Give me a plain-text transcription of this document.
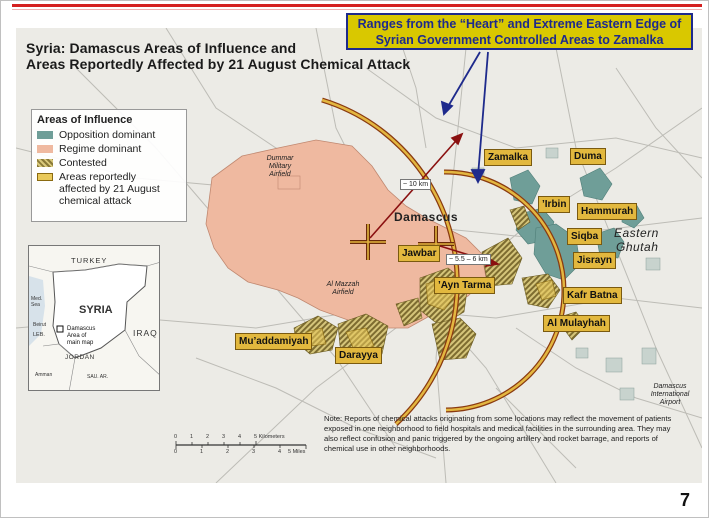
Syria: Damascus Areas of Influence and
Areas Reportedly Affected by 21 August Chemical Attack
Ranges from the “Heart” and Extreme Eastern Edge of
Syrian Government Controlled Areas to Zamalka
Areas of Influence
Opposition dominant
Regime dominant
Contested
Areas reportedly
affected by 21 August
chemical attack
Zamalka	Duma
’Irbin
Hammurah
Siqba
Jisrayn
Kafr Batna
Al Mulayhah
Jawbar
’Ayn Tarma
Mu’addamiyah
Darayya
Damascus
Eastern
Ghutah
Dummar
Military
Airfield
Al Mazzah
Airfield
Damascus
International
Airport
~ 10 km
~ 5.5 – 6 km
TURKEY
SYRIA
IRAQ
Med.
Sea
Beirut
LEB.
Damascus
Area of
main map
JORDAN
Amman	SAU. AR.
0 1 2 3 4 5 Kilometers
0	1	2	3	4 5 Miles
Note: Reports of chemical attacks originating from some locations may reflect the movement of patients exposed in one neighborhood to field hospitals and medical facilities in the surrounding area. They may also reflect confusion and panic triggered by the ongoing artillery and rocket barrage, and reports of chemical use in other neighborhoods.
7
